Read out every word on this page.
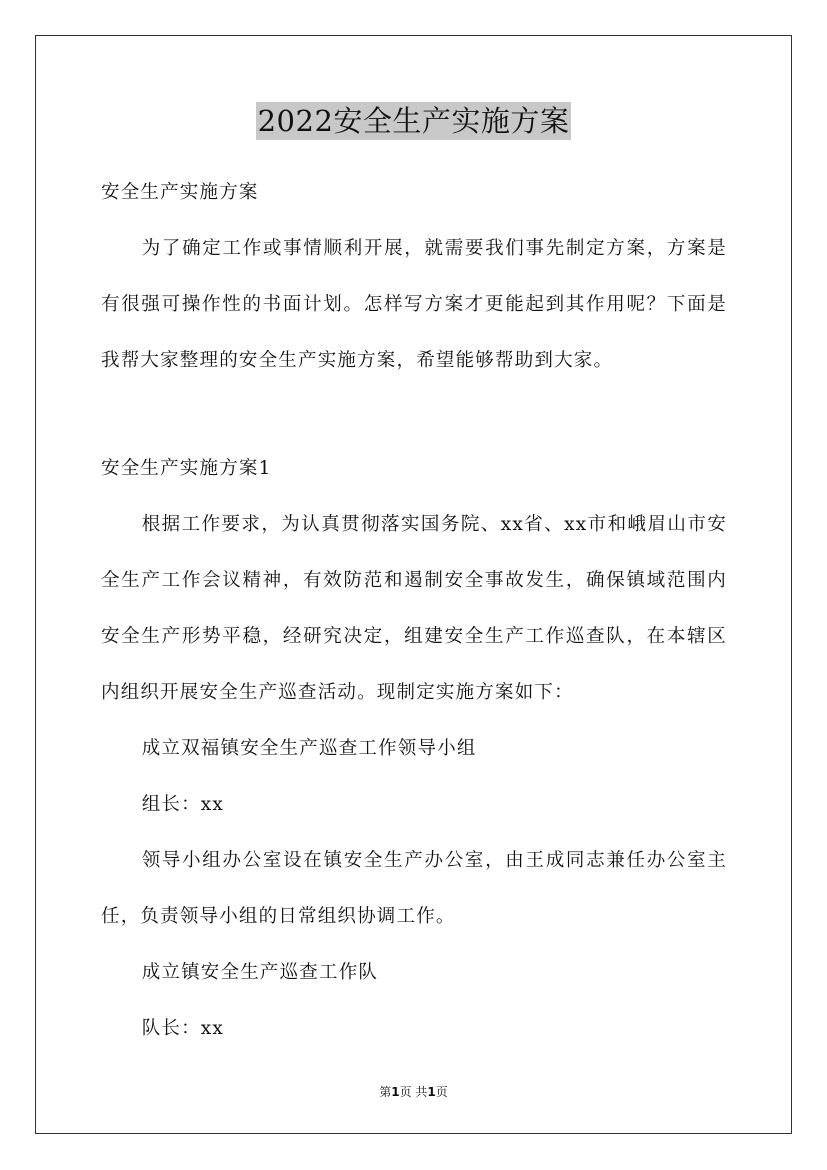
2022安全生产实施方案

安全生产实施方案

为了确定工作或事情顺利开展，就需要我们事先制定方案，方案是有很强可操作性的书面计划。怎样写方案才更能起到其作用呢？下面是我帮大家整理的安全生产实施方案，希望能够帮助到大家。

安全生产实施方案1

根据工作要求，为认真贯彻落实国务院、xx省、xx市和峨眉山市安全生产工作会议精神，有效防范和遏制安全事故发生，确保镇域范围内安全生产形势平稳，经研究决定，组建安全生产工作巡查队，在本辖区内组织开展安全生产巡查活动。现制定实施方案如下：

成立双福镇安全生产巡查工作领导小组

组长：xx

领导小组办公室设在镇安全生产办公室，由王成同志兼任办公室主任，负责领导小组的日常组织协调工作。

成立镇安全生产巡查工作队

队长：xx

第1页 共1页
